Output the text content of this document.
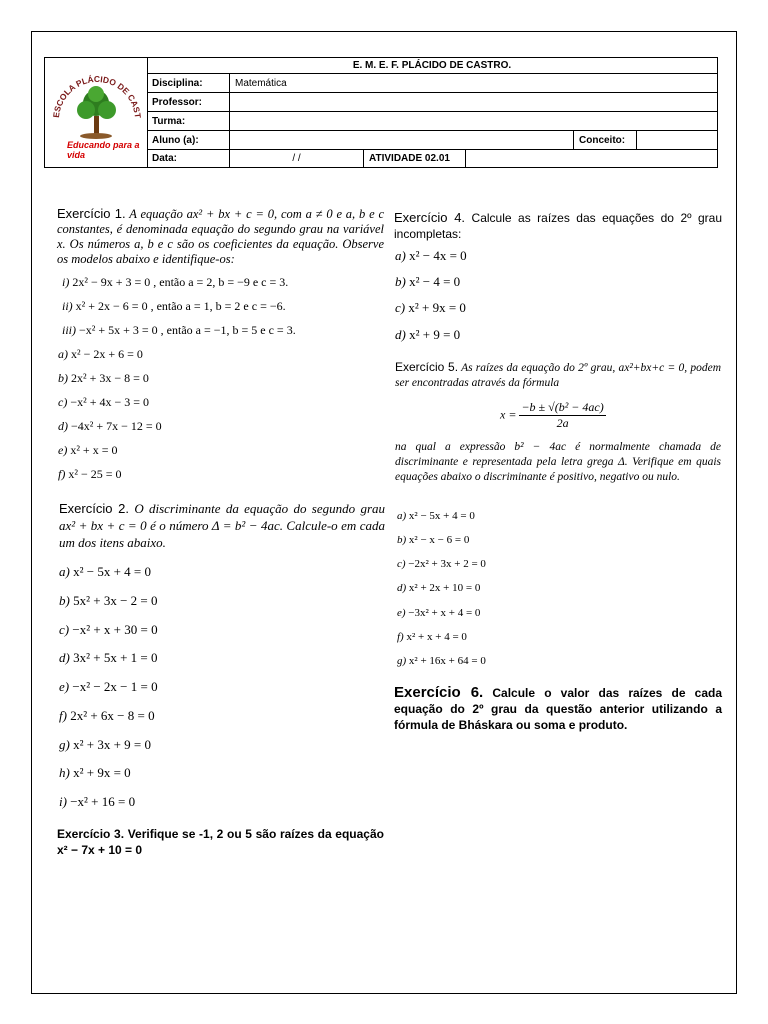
ESCOLA PLÁCIDO DE CAST
Educando para a vida
E. M. E. F. PLÁCIDO DE CASTRO.
Disciplina:	Matemática
Professor:
Turma:
Aluno (a):	Conceito:
Data:	/ /	ATIVIDADE 02.01
Exercício 1. A equação ax² + bx + c = 0, com a ≠ 0 e a, b e c constantes, é denominada equação do segundo grau na variável x. Os números a, b e c são os coeficientes da equação. Observe os modelos abaixo e identifique-os:
i) 2x² − 9x + 3 = 0 , então a = 2, b = −9 e c = 3.
ii) x² + 2x − 6 = 0 , então a = 1, b = 2 e c = −6.
iii) −x² + 5x + 3 = 0 , então a = −1, b = 5 e c = 3.
a) x² − 2x + 6 = 0
b) 2x² + 3x − 8 = 0
c) −x² + 4x − 3 = 0
d) −4x² + 7x − 12 = 0
e) x² + x = 0
f) x² − 25 = 0
Exercício 2. O discriminante da equação do segundo grau ax² + bx + c = 0 é o número Δ = b² − 4ac. Calcule-o em cada um dos itens abaixo.
a) x² − 5x + 4 = 0
b) 5x² + 3x − 2 = 0
c) −x² + x + 30 = 0
d) 3x² + 5x + 1 = 0
e) −x² − 2x − 1 = 0
f) 2x² + 6x − 8 = 0
g) x² + 3x + 9 = 0
h) x² + 9x = 0
i) −x² + 16 = 0
Exercício 3. Verifique se -1, 2 ou 5 são raízes da equação x² − 7x + 10 = 0
Exercício 4. Calcule as raízes das equações do 2º grau incompletas:
a) x² − 4x = 0
b) x² − 4 = 0
c) x² + 9x = 0
d) x² + 9 = 0
Exercício 5. As raízes da equação do 2º grau, ax²+bx+c = 0, podem ser encontradas através da fórmula
$x = \frac{\text{−b ± √(b² − 4ac)}}{2a}$
na qual a expressão b² − 4ac é normalmente chamada de discriminante e representada pela letra grega Δ. Verifique em quais equações abaixo o discriminante é positivo, negativo ou nulo.
a) x² − 5x + 4 = 0
b) x² − x − 6 = 0
c) −2x² + 3x + 2 = 0
d) x² + 2x + 10 = 0
e) −3x² + x + 4 = 0
f) x² + x + 4 = 0
g) x² + 16x + 64 = 0
Exercício 6. Calcule o valor das raízes de cada equação do 2º grau da questão anterior utilizando a fórmula de Bháskara ou soma e produto.
